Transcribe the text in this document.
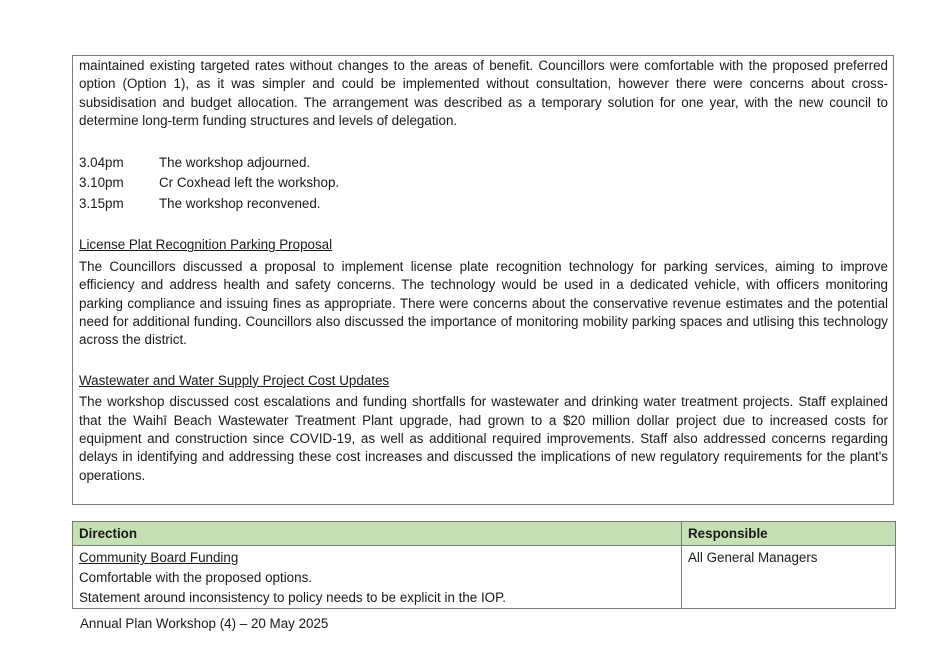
maintained existing targeted rates without changes to the areas of benefit. Councillors were comfortable with the proposed preferred option (Option 1), as it was simpler and could be implemented without consultation, however there were concerns about cross-subsidisation and budget allocation. The arrangement was described as a temporary solution for one year, with the new council to determine long-term funding structures and levels of delegation.

3.04pm	The workshop adjourned.
3.10pm	Cr Coxhead left the workshop.
3.15pm	The workshop reconvened.

License Plat Recognition Parking Proposal

The Councillors discussed a proposal to implement license plate recognition technology for parking services, aiming to improve efficiency and address health and safety concerns. The technology would be used in a dedicated vehicle, with officers monitoring parking compliance and issuing fines as appropriate. There were concerns about the conservative revenue estimates and the potential need for additional funding. Councillors also discussed the importance of monitoring mobility parking spaces and utlising this technology across the district.

Wastewater and Water Supply Project Cost Updates

The workshop discussed cost escalations and funding shortfalls for wastewater and drinking water treatment projects. Staff explained that the Waihī Beach Wastewater Treatment Plant upgrade, had grown to a $20 million dollar project due to increased costs for equipment and construction since COVID-19, as well as additional required improvements. Staff also addressed concerns regarding delays in identifying and addressing these cost increases and discussed the implications of new regulatory requirements for the plant's operations.

Direction	Responsible

Community Board Funding
Comfortable with the proposed options.
Statement around inconsistency to policy needs to be explicit in the IOP.	All General Managers
Annual Plan Workshop (4) – 20 May 2025
